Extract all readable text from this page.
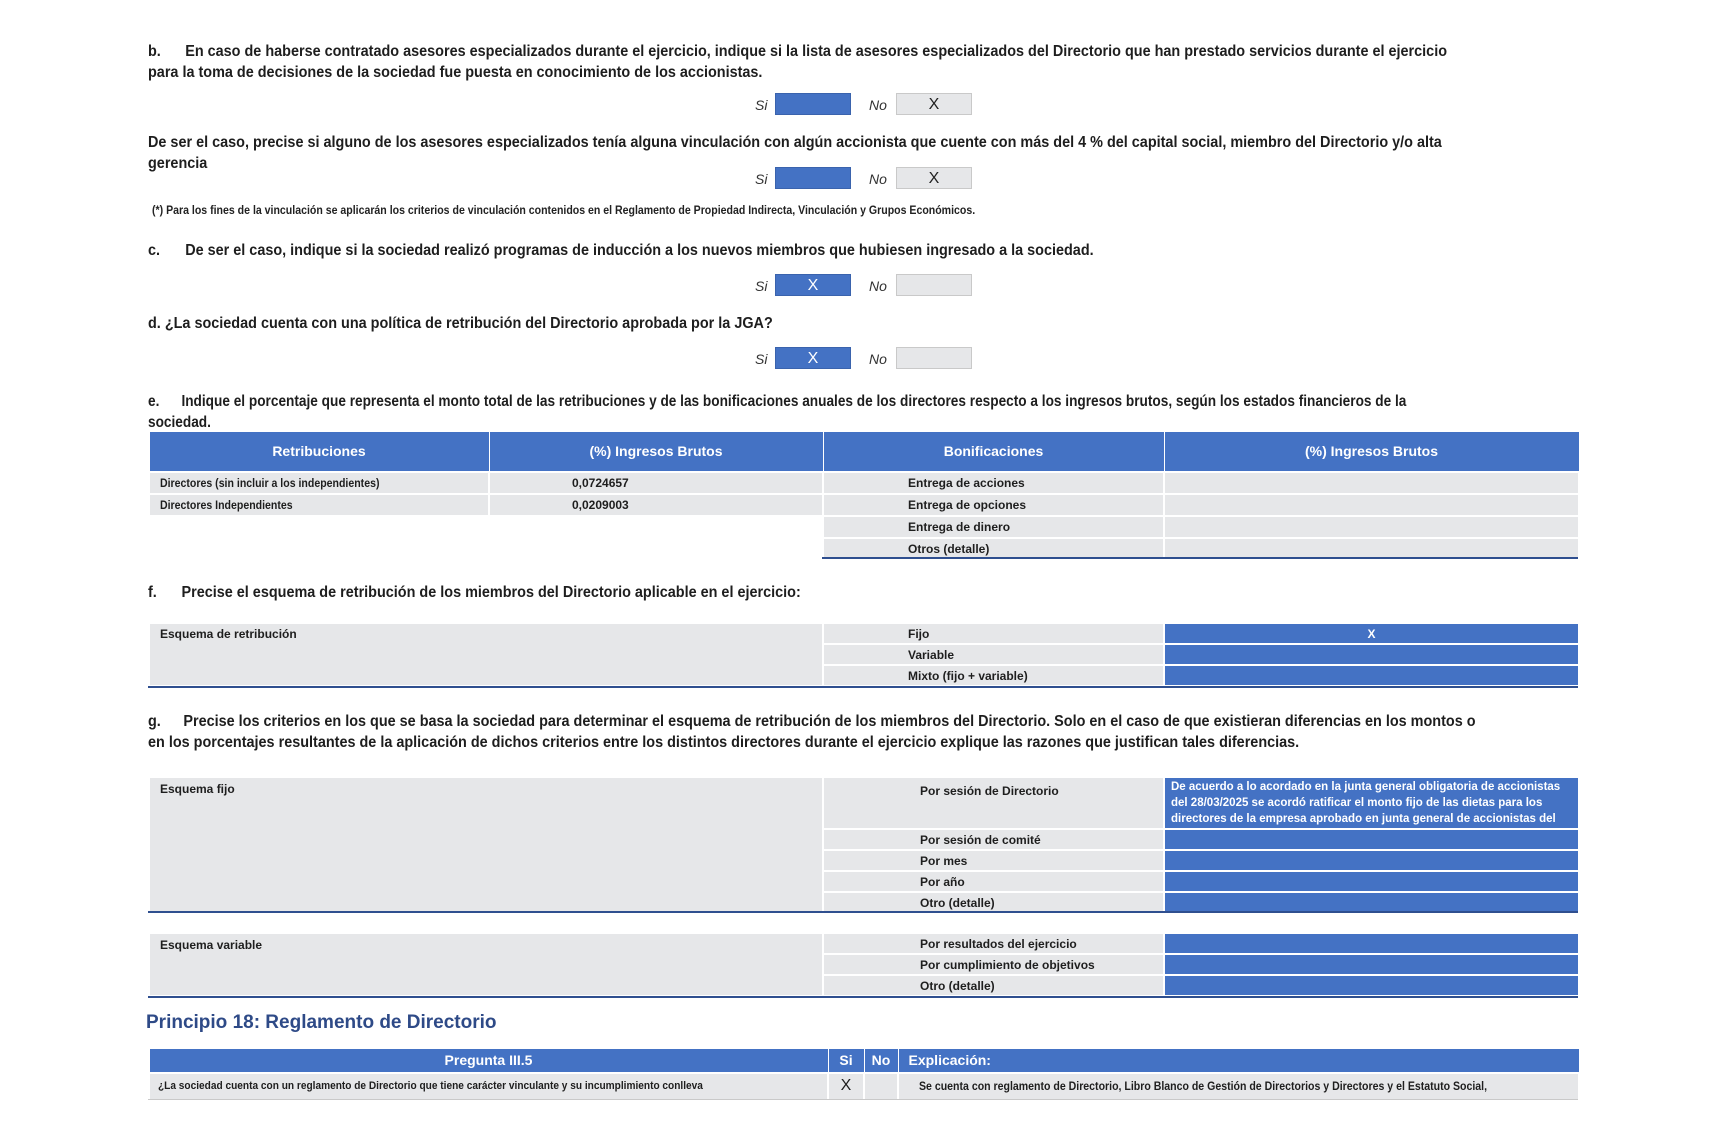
b. En caso de haberse contratado asesores especializados durante el ejercicio, indique si la lista de asesores especializados del Directorio que han prestado servicios durante el ejercicio para la toma de decisiones de la sociedad fue puesta en conocimiento de los accionistas.
Si	No	X
De ser el caso, precise si alguno de los asesores especializados tenía alguna vinculación con algún accionista que cuente con más del 4 % del capital social, miembro del Directorio y/o alta gerencia
Si	No	X
(*) Para los fines de la vinculación se aplicarán los criterios de vinculación contenidos en el Reglamento de Propiedad Indirecta, Vinculación y Grupos Económicos.
c. De ser el caso, indique si la sociedad realizó programas de inducción a los nuevos miembros que hubiesen ingresado a la sociedad.
Si	X	No
d. ¿La sociedad cuenta con una política de retribución del Directorio aprobada por la JGA?
Si	X	No
e. Indique el porcentaje que representa el monto total de las retribuciones y de las bonificaciones anuales de los directores respecto a los ingresos brutos, según los estados financieros de la sociedad.
Retribuciones	(%) Ingresos Brutos	Bonificaciones	(%) Ingresos Brutos
Directores (sin incluir a los independientes)	0,0724657	Entrega de acciones	
Directores Independientes	0,0209003	Entrega de opciones	
		Entrega de dinero	
		Otros (detalle)	
f. Precise el esquema de retribución de los miembros del Directorio aplicable en el ejercicio:
Esquema de retribución	Fijo	X
	Variable	
	Mixto (fijo + variable)	
g. Precise los criterios en los que se basa la sociedad para determinar el esquema de retribución de los miembros del Directorio. Solo en el caso de que existieran diferencias en los montos o en los porcentajes resultantes de la aplicación de dichos criterios entre los distintos directores durante el ejercicio explique las razones que justifican tales diferencias.
Esquema fijo	Por sesión de Directorio	De acuerdo a lo acordado en la junta general obligatoria de accionistas del 28/03/2025 se acordó ratificar el monto fijo de las dietas para los directores de la empresa aprobado en junta general de accionistas del
	Por sesión de comité	
	Por mes	
	Por año	
	Otro (detalle)	
Esquema variable	Por resultados del ejercicio	
	Por cumplimiento de objetivos	
	Otro (detalle)	
Principio 18: Reglamento de Directorio
Pregunta III.5	Si	No	Explicación:
¿La sociedad cuenta con un reglamento de Directorio que tiene carácter vinculante y su incumplimiento conlleva	X		Se cuenta con reglamento de Directorio, Libro Blanco de Gestión de Directorios y Directores y el Estatuto Social,
